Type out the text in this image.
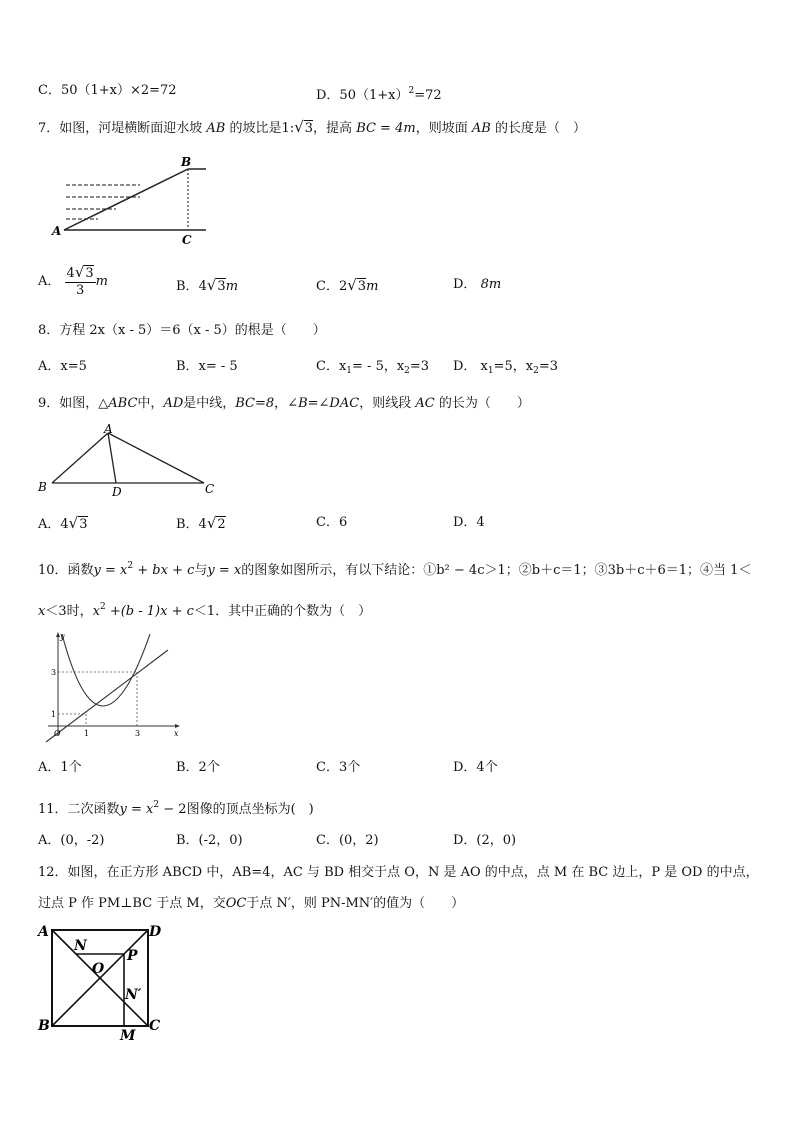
C．50（1+x）×2=72	D．$50(1+x)^2=72$
7．如图，河堤横断面迎水坡 AB 的坡比是1:√3，提高 BC = 4m，则坡面 AB 的长度是（　）
A
B
C
A． $\frac{4√3}{3}$ m	B．4√3m	C．2√3m	D． 8m
8．方程 2x（x - 5）＝6（x - 5）的根是（　　）
A．x=5	B．x= - 5	C．$x_1= - 5$，$x_2=3$ D． $x_1=5$，$x_2=3$
9．如图，△ABC中，AD是中线，BC=8，∠B=∠DAC，则线段 AC 的长为（　　）
A
B	C
D
A．4√3	B．4√2	C．6	D．4
10．函数$y = x^2$ + bx + c与y = x的图象如图所示，有以下结论：①b² − 4c＞1；②b＋c＝1；③3b＋c＋6＝1；④当 1＜
x＜3时，$x^2 +(b - 1)x + c<1$．其中正确的个数为（　）
y
x
O	1	3
1
3
A．1个	B．2个	C．3个	D．4个
11．二次函数$y = x^2 - 2$图像的顶点坐标为(　)
A．(0，-2)	B．(-2，0)	C．(0，2)	D．(2，0)
12．如图，在正方形 ABCD 中，AB=4，AC 与 BD 相交于点 O，N 是 AO 的中点，点 M 在 BC 边上，P 是 OD 的中点，
过点 P 作 PM⊥BC 于点 M，交OC于点 N′，则 PN-MN′的值为（　　）
A	D
B	C
N
O
P
M
N′
